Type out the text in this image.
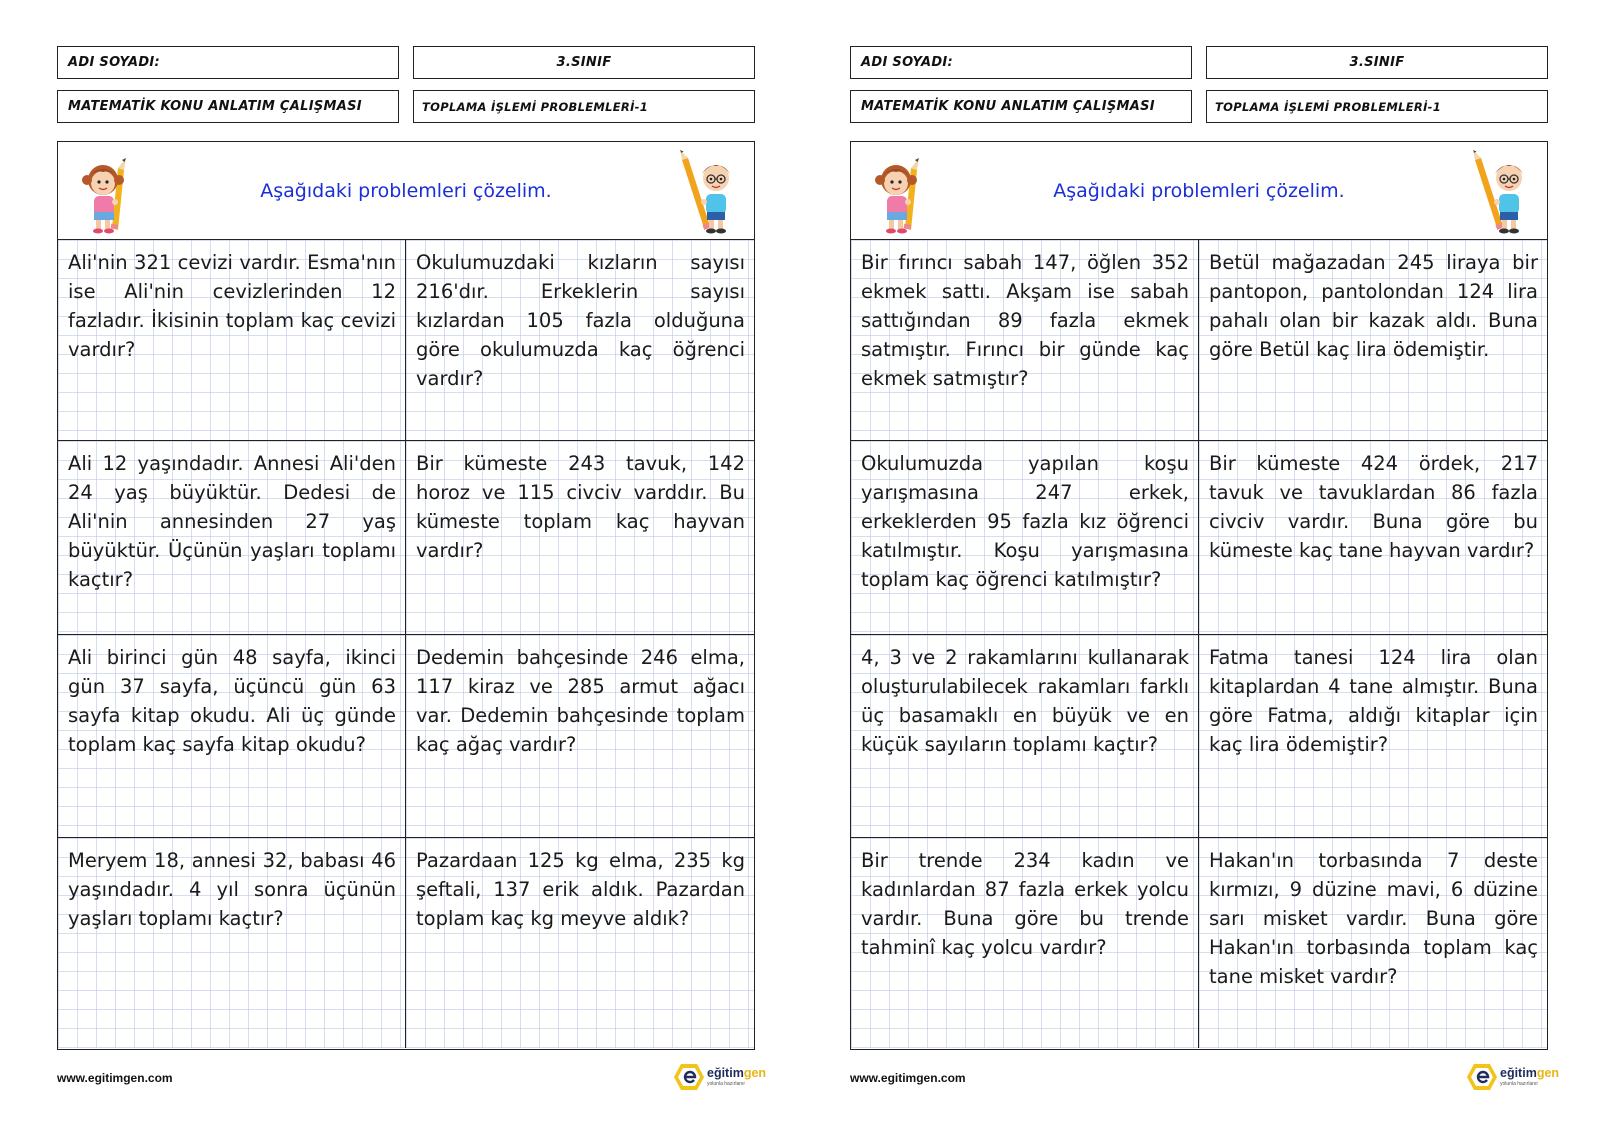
ADI SOYADI:	3.SINIF
MATEMATİK KONU ANLATIM ÇALIŞMASI	TOPLAMA İŞLEMİ PROBLEMLERİ-1
Aşağıdaki problemleri çözelim.

Ali'nin 321 cevizi vardır. Esma'nın ise Ali'nin cevizlerinden 12 fazladır. İkisinin toplam kaç cevizi vardır?

Okulumuzdaki kızların sayısı 216'dır. Erkeklerin sayısı kızlardan 105 fazla olduğuna göre okulumuzda kaç öğrenci vardır?

Ali 12 yaşındadır. Annesi Ali'den 24 yaş büyüktür. Dedesi de Ali'nin annesinden 27 yaş büyüktür. Üçünün yaşları toplamı kaçtır?

Bir kümeste 243 tavuk, 142 horoz ve 115 civciv varddır. Bu kümeste toplam kaç hayvan vardır?

Ali birinci gün 48 sayfa, ikinci gün 37 sayfa, üçüncü gün 63 sayfa kitap okudu. Ali üç günde toplam kaç sayfa kitap okudu?

Dedemin bahçesinde 246 elma, 117 kiraz ve 285 armut ağacı var. Dedemin bahçesinde toplam kaç ağaç vardır?

Meryem 18, annesi 32, babası 46 yaşındadır. 4 yıl sonra üçünün yaşları toplamı kaçtır?

Pazardaan 125 kg elma, 235 kg şeftali, 137 erik aldık. Pazardan toplam kaç kg meyve aldık?

www.egitimgen.com	eğitimgen
yolunla hazırlanır
ADI SOYADI:	3.SINIF
MATEMATİK KONU ANLATIM ÇALIŞMASI	TOPLAMA İŞLEMİ PROBLEMLERİ-1
Aşağıdaki problemleri çözelim.

Bir fırıncı sabah 147, öğlen 352 ekmek sattı. Akşam ise sabah sattığından 89 fazla ekmek satmıştır. Fırıncı bir günde kaç ekmek satmıştır?

Betül mağazadan 245 liraya bir pantopon, pantolondan 124 lira pahalı olan bir kazak aldı. Buna göre Betül kaç lira ödemiştir.

Okulumuzda yapılan koşu yarışmasına 247 erkek, erkeklerden 95 fazla kız öğrenci katılmıştır. Koşu yarışmasına toplam kaç öğrenci katılmıştır?

Bir kümeste 424 ördek, 217 tavuk ve tavuklardan 86 fazla civciv vardır. Buna göre bu kümeste kaç tane hayvan vardır?

4, 3 ve 2 rakamlarını kullanarak oluşturulabilecek rakamları farklı üç basamaklı en büyük ve en küçük sayıların toplamı kaçtır?

Fatma tanesi 124 lira olan kitaplardan 4 tane almıştır. Buna göre Fatma, aldığı kitaplar için kaç lira ödemiştir?

Bir trende 234 kadın ve kadınlardan 87 fazla erkek yolcu vardır. Buna göre bu trende tahminî kaç yolcu vardır?

Hakan'ın torbasında 7 deste kırmızı, 9 düzine mavi, 6 düzine sarı misket vardır. Buna göre Hakan'ın torbasında toplam kaç tane misket vardır?

www.egitimgen.com	eğitimgen
yolunla hazırlanır
